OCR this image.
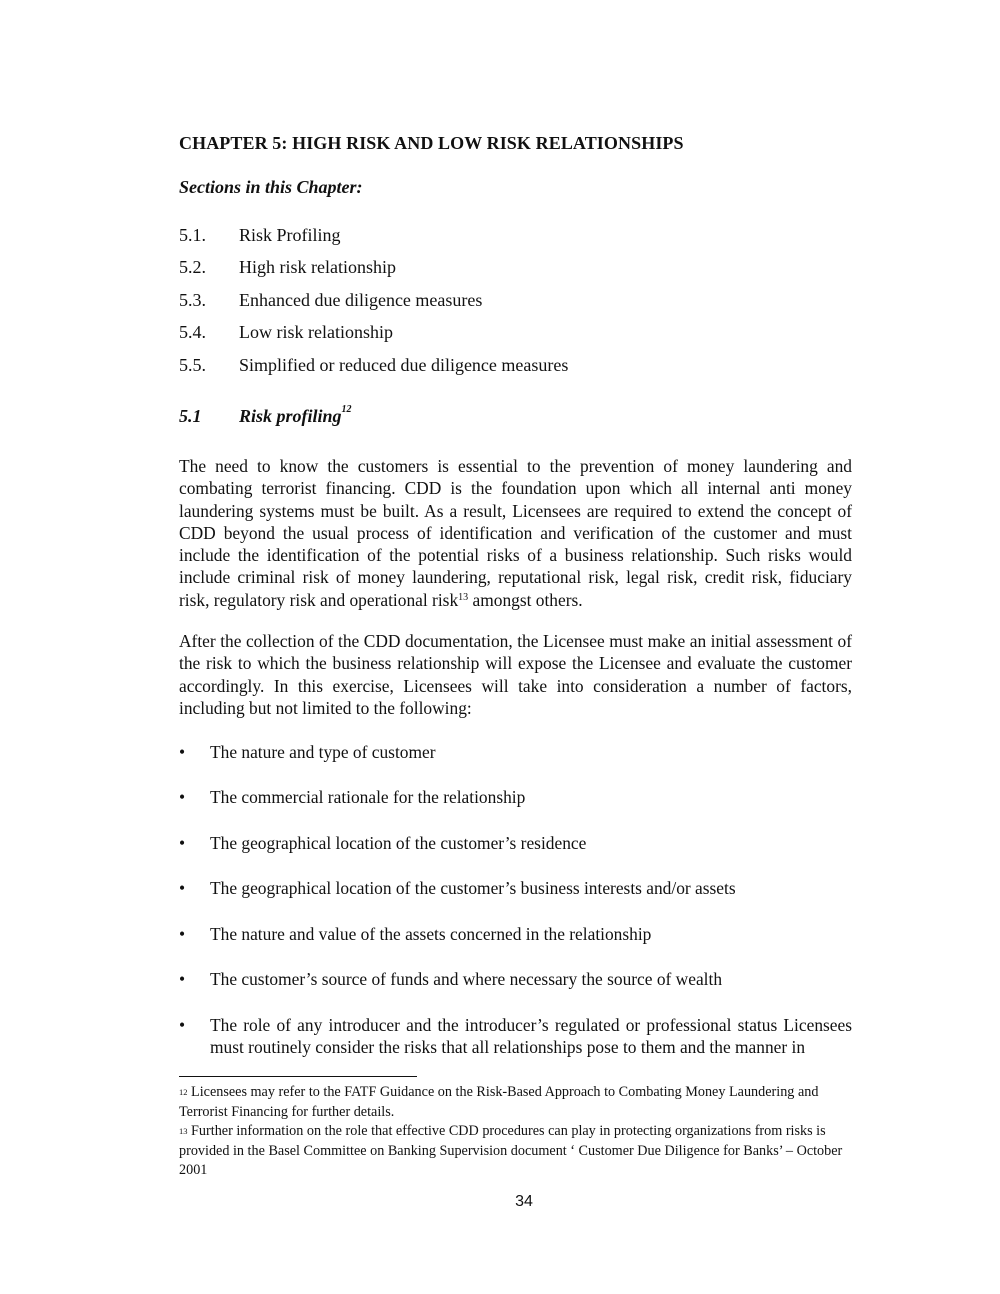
CHAPTER 5: HIGH RISK AND LOW RISK RELATIONSHIPS
Sections in this Chapter:
5.1.	Risk Profiling
5.2.	High risk relationship
5.3.	Enhanced due diligence measures
5.4.	Low risk relationship
5.5.	Simplified or reduced due diligence measures
5.1	Risk profiling$^{12}$
The need to know the customers is essential to the prevention of money laundering and combating terrorist financing. CDD is the foundation upon which all internal anti money laundering systems must be built. As a result, Licensees are required to extend the concept of CDD beyond the usual process of identification and verification of the customer and must include the identification of the potential risks of a business relationship. Such risks would include criminal risk of money laundering, reputational risk, legal risk, credit risk, fiduciary risk, regulatory risk and operational risk$^{13}$ amongst others.
After the collection of the CDD documentation, the Licensee must make an initial assessment of the risk to which the business relationship will expose the Licensee and evaluate the customer accordingly. In this exercise, Licensees will take into consideration a number of factors, including but not limited to the following:
•	The nature and type of customer
•	The commercial rationale for the relationship
•	The geographical location of the customer’s residence
•	The geographical location of the customer’s business interests and/or assets
•	The nature and value of the assets concerned in the relationship
•	The customer’s source of funds and where necessary the source of wealth
•	The role of any introducer and the introducer’s regulated or professional status Licensees must routinely consider the risks that all relationships pose to them and the manner in
$^{12}$ Licensees may refer to the FATF Guidance on the Risk-Based Approach to Combating Money Laundering and Terrorist Financing for further details.
$^{13}$ Further information on the role that effective CDD procedures can play in protecting organizations from risks is provided in the Basel Committee on Banking Supervision document ‘ Customer Due Diligence for Banks’ – October 2001
34
